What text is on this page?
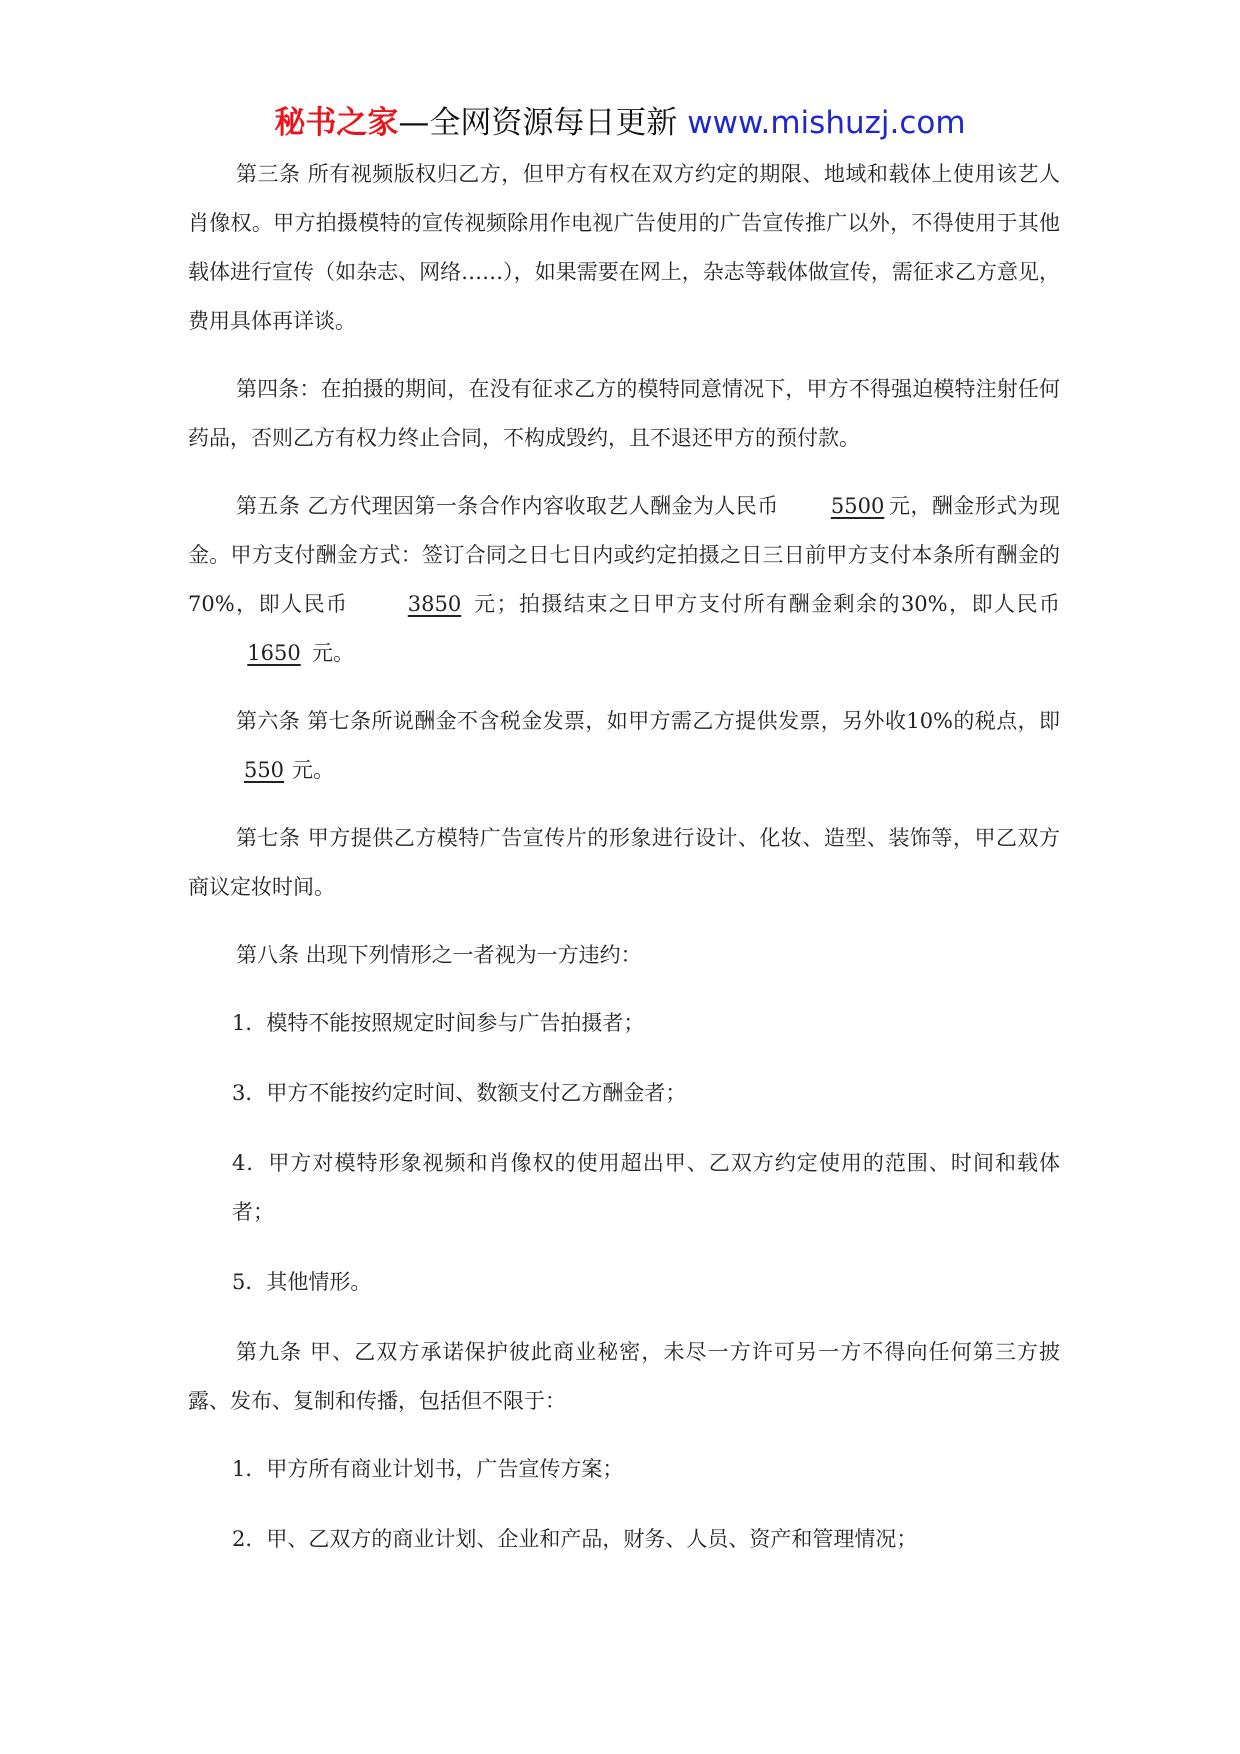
秘书之家—全网资源每日更新 www.mishuzj.com

第三条 所有视频版权归乙方，但甲方有权在双方约定的期限、地域和载体上使用该艺人肖像权。甲方拍摄模特的宣传视频除用作电视广告使用的广告宣传推广以外，不得使用于其他载体进行宣传（如杂志、网络……），如果需要在网上，杂志等载体做宣传，需征求乙方意见，费用具体再详谈。

第四条：在拍摄的期间，在没有征求乙方的模特同意情况下，甲方不得强迫模特注射任何药品，否则乙方有权力终止合同，不构成毁约，且不退还甲方的预付款。

第五条 乙方代理因第一条合作内容收取艺人酬金为人民币 5500 元，酬金形式为现金。甲方支付酬金方式：签订合同之日七日内或约定拍摄之日三日前甲方支付本条所有酬金的70%，即人民币	3850 元；拍摄结束之日甲方支付所有酬金剩余的30%，即人民币1650 元。

第六条 第七条所说酬金不含税金发票，如甲方需乙方提供发票，另外收10%的税点，即550 元。

第七条 甲方提供乙方模特广告宣传片的形象进行设计、化妆、造型、装饰等，甲乙双方商议定妆时间。

第八条 出现下列情形之一者视为一方违约：

1．模特不能按照规定时间参与广告拍摄者；

3．甲方不能按约定时间、数额支付乙方酬金者；

4．甲方对模特形象视频和肖像权的使用超出甲、乙双方约定使用的范围、时间和载体者；

5．其他情形。

第九条 甲、乙双方承诺保护彼此商业秘密，未尽一方许可另一方不得向任何第三方披露、发布、复制和传播，包括但不限于：

1．甲方所有商业计划书，广告宣传方案；

2．甲、乙双方的商业计划、企业和产品，财务、人员、资产和管理情况；
